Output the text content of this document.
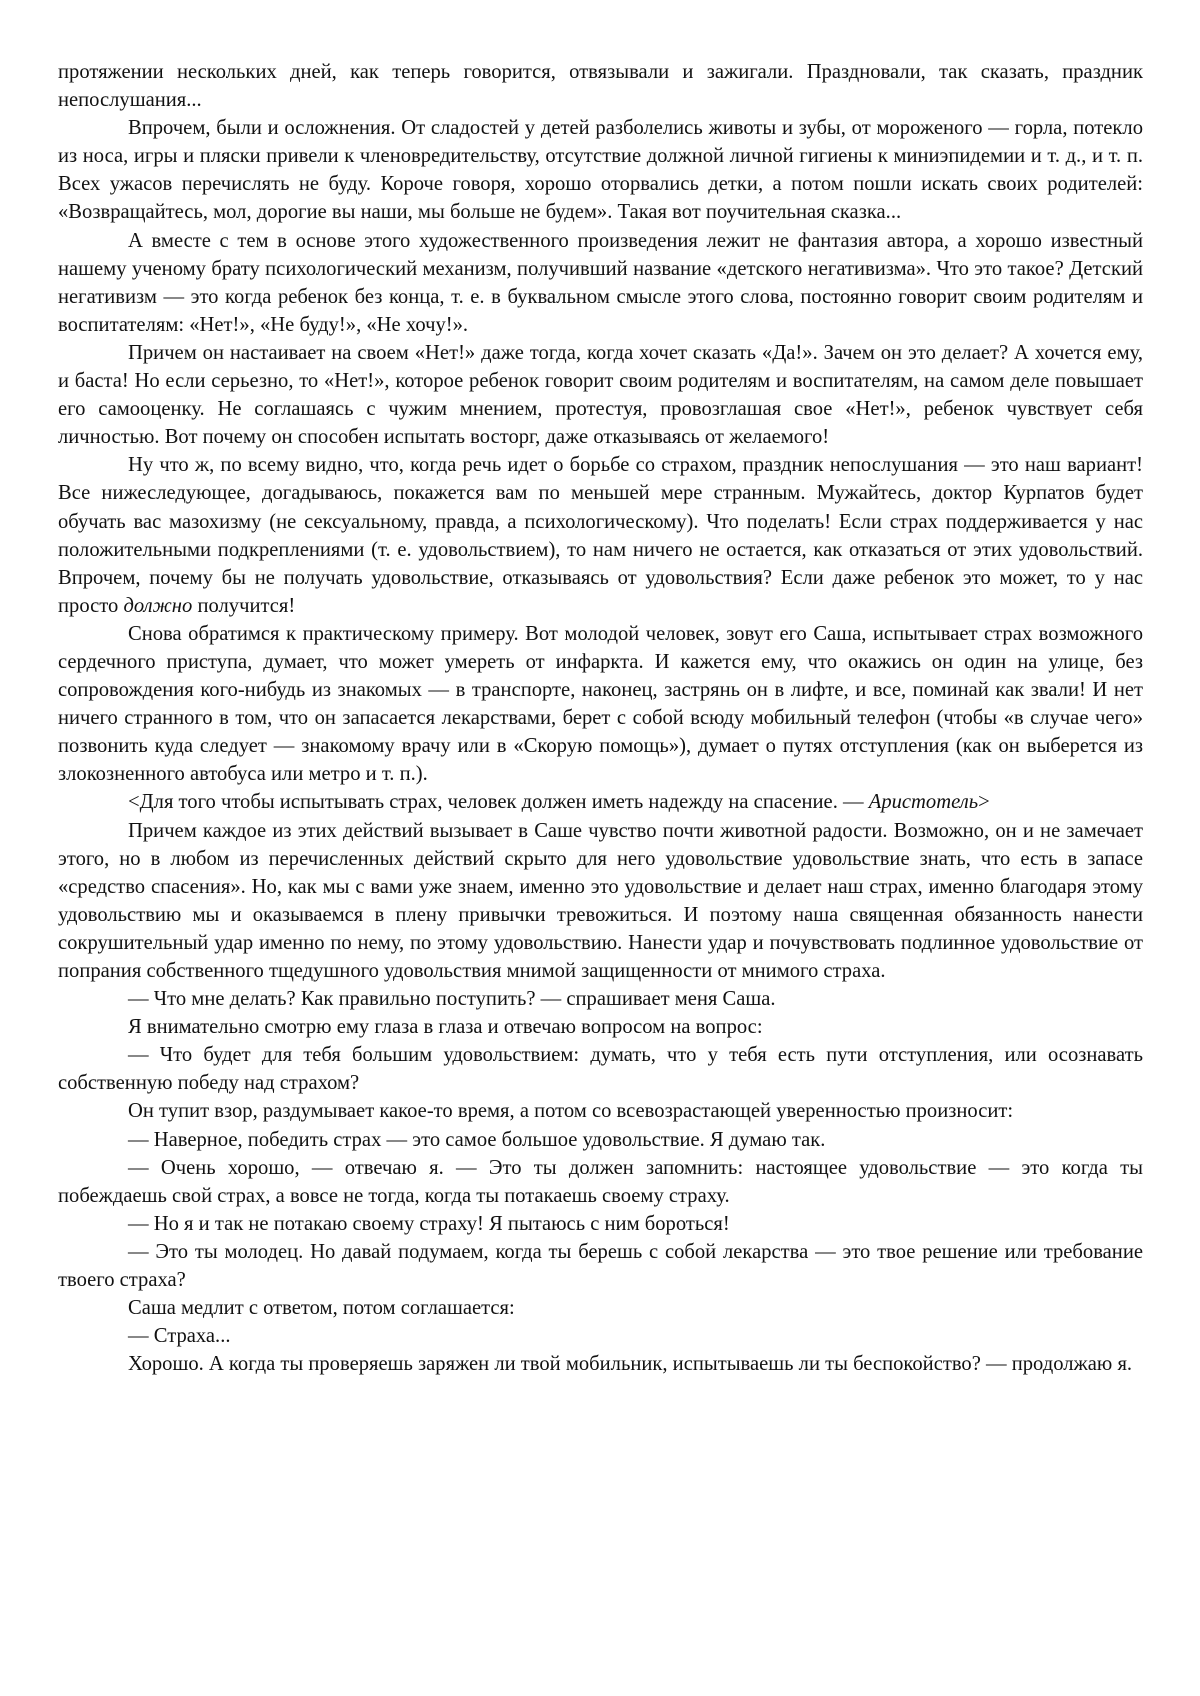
протяжении нескольких дней, как теперь говорится, отвязывали и зажигали. Праздновали, так сказать, праздник непослушания...

Впрочем, были и осложнения. От сладостей у детей разболелись животы и зубы, от мороженого — горла, потекло из носа, игры и пляски привели к членовредительству, отсутствие должной личной гигиены к миниэпидемии и т. д., и т. п. Всех ужасов перечислять не буду. Короче говоря, хорошо оторвались детки, а потом пошли искать своих родителей: «Возвращайтесь, мол, дорогие вы наши, мы больше не будем». Такая вот поучительная сказка...

А вместе с тем в основе этого художественного произведения лежит не фантазия автора, а хорошо известный нашему ученому брату психологический механизм, получивший название «детского негативизма». Что это такое? Детский негативизм — это когда ребенок без конца, т. е. в буквальном смысле этого слова, постоянно говорит своим родителям и воспитателям: «Нет!», «Не буду!», «Не хочу!».

Причем он настаивает на своем «Нет!» даже тогда, когда хочет сказать «Да!». Зачем он это делает? А хочется ему, и баста! Но если серьезно, то «Нет!», которое ребенок говорит своим родителям и воспитателям, на самом деле повышает его самооценку. Не соглашаясь с чужим мнением, протестуя, провозглашая свое «Нет!», ребенок чувствует себя личностью. Вот почему он способен испытать восторг, даже отказываясь от желаемого!

Ну что ж, по всему видно, что, когда речь идет о борьбе со страхом, праздник непослушания — это наш вариант! Все нижеследующее, догадываюсь, покажется вам по меньшей мере странным. Мужайтесь, доктор Курпатов будет обучать вас мазохизму (не сексуальному, правда, а психологическому). Что поделать! Если страх поддерживается у нас положительными подкреплениями (т. е. удовольствием), то нам ничего не остается, как отказаться от этих удовольствий. Впрочем, почему бы не получать удовольствие, отказываясь от удовольствия? Если даже ребенок это может, то у нас просто должно получится!

Снова обратимся к практическому примеру. Вот молодой человек, зовут его Саша, испытывает страх возможного сердечного приступа, думает, что может умереть от инфаркта. И кажется ему, что окажись он один на улице, без сопровождения кого-нибудь из знакомых — в транспорте, наконец, застрянь он в лифте, и все, поминай как звали! И нет ничего странного в том, что он запасается лекарствами, берет с собой всюду мобильный телефон (чтобы «в случае чего» позвонить куда следует — знакомому врачу или в «Скорую помощь»), думает о путях отступления (как он выберется из злокозненного автобуса или метро и т. п.).

<Для того чтобы испытывать страх, человек должен иметь надежду на спасение. — Аристотель>

Причем каждое из этих действий вызывает в Саше чувство почти животной радости. Возможно, он и не замечает этого, но в любом из перечисленных действий скрыто для него удовольствие удовольствие знать, что есть в запасе «средство спасения». Но, как мы с вами уже знаем, именно это удовольствие и делает наш страх, именно благодаря этому удовольствию мы и оказываемся в плену привычки тревожиться. И поэтому наша священная обязанность нанести сокрушительный удар именно по нему, по этому удовольствию. Нанести удар и почувствовать подлинное удовольствие от попрания собственного тщедушного удовольствия мнимой защищенности от мнимого страха.

— Что мне делать? Как правильно поступить? — спрашивает меня Саша.

Я внимательно смотрю ему глаза в глаза и отвечаю вопросом на вопрос:

— Что будет для тебя большим удовольствием: думать, что у тебя есть пути отступления, или осознавать собственную победу над страхом?

Он тупит взор, раздумывает какое-то время, а потом со всевозрастающей уверенностью произносит:

— Наверное, победить страх — это самое большое удовольствие. Я думаю так.

— Очень хорошо, — отвечаю я. — Это ты должен запомнить: настоящее удовольствие — это когда ты побеждаешь свой страх, а вовсе не тогда, когда ты потакаешь своему страху.

— Но я и так не потакаю своему страху! Я пытаюсь с ним бороться!

— Это ты молодец. Но давай подумаем, когда ты берешь с собой лекарства — это твое решение или требование твоего страха?

Саша медлит с ответом, потом соглашается:

— Страха...

Хорошо. А когда ты проверяешь заряжен ли твой мобильник, испытываешь ли ты беспокойство? — продолжаю я.
